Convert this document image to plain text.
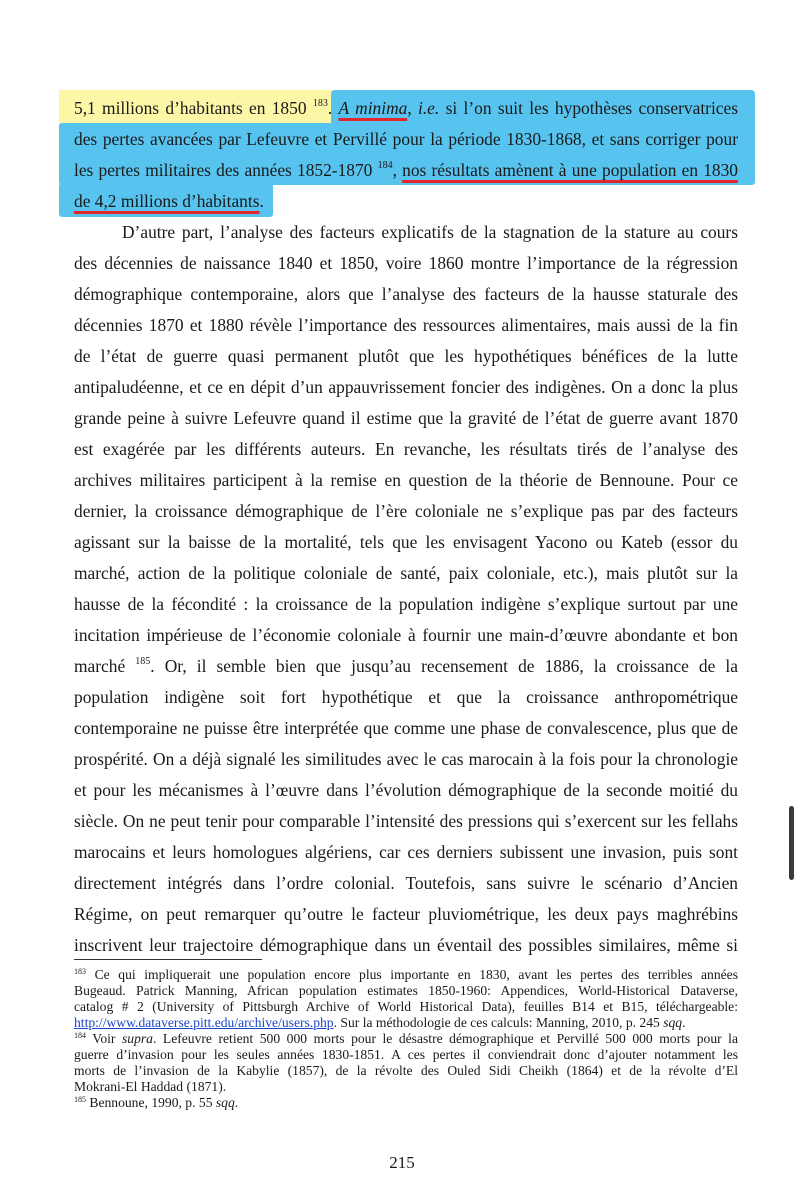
5,1 millions d’habitants en 1850 $^{183}$. A minima, i.e. si l’on suit les hypothèses conservatrices
des pertes avancées par Lefeuvre et Pervillé pour la période 1830-1868, et sans corriger pour
les pertes militaires des années 1852-1870 $^{184}$, nos résultats amènent à une population en 1830
de 4,2 millions d’habitants.
D’autre part, l’analyse des facteurs explicatifs de la stagnation de la stature au cours
des décennies de naissance 1840 et 1850, voire 1860 montre l’importance de la régression
démographique contemporaine, alors que l’analyse des facteurs de la hausse staturale des
décennies 1870 et 1880 révèle l’importance des ressources alimentaires, mais aussi de la fin
de l’état de guerre quasi permanent plutôt que les hypothétiques bénéfices de la lutte
antipaludéenne, et ce en dépit d’un appauvrissement foncier des indigènes. On a donc la plus
grande peine à suivre Lefeuvre quand il estime que la gravité de l’état de guerre avant 1870
est exagérée par les différents auteurs. En revanche, les résultats tirés de l’analyse des
archives militaires participent à la remise en question de la théorie de Bennoune. Pour ce
dernier, la croissance démographique de l’ère coloniale ne s’explique pas par des facteurs
agissant sur la baisse de la mortalité, tels que les envisagent Yacono ou Kateb (essor du
marché, action de la politique coloniale de santé, paix coloniale, etc.), mais plutôt sur la
hausse de la fécondité : la croissance de la population indigène s’explique surtout par une
incitation impérieuse de l’économie coloniale à fournir une main-d’œuvre abondante et bon
marché $^{185}$. Or, il semble bien que jusqu’au recensement de 1886, la croissance de la
population indigène soit fort hypothétique et que la croissance anthropométrique
contemporaine ne puisse être interprétée que comme une phase de convalescence, plus que de
prospérité. On a déjà signalé les similitudes avec le cas marocain à la fois pour la chronologie
et pour les mécanismes à l’œuvre dans l’évolution démographique de la seconde moitié du
siècle. On ne peut tenir pour comparable l’intensité des pressions qui s’exercent sur les fellahs
marocains et leurs homologues algériens, car ces derniers subissent une invasion, puis sont
directement intégrés dans l’ordre colonial. Toutefois, sans suivre le scénario d’Ancien
Régime, on peut remarquer qu’outre le facteur pluviométrique, les deux pays maghrébins
inscrivent leur trajectoire démographique dans un éventail des possibles similaires, même si
$^{183}$ Ce qui impliquerait une population encore plus importante en 1830, avant les pertes des terribles années
Bugeaud. Patrick Manning, African population estimates 1850-1960: Appendices, World-Historical Dataverse,
catalog # 2 (University of Pittsburgh Archive of World Historical Data), feuilles B14 et B15, téléchargeable:
http://www.dataverse.pitt.edu/archive/users.php. Sur la méthodologie de ces calculs: Manning, 2010, p. 245 sqq.
$^{184}$ Voir supra. Lefeuvre retient 500 000 morts pour le désastre démographique et Pervillé 500 000 morts pour la
guerre d’invasion pour les seules années 1830-1851. A ces pertes il conviendrait donc d’ajouter notamment les
morts de l’invasion de la Kabylie (1857), de la révolte des Ouled Sidi Cheikh (1864) et de la révolte d’El
Mokrani-El Haddad (1871).
$^{185}$ Bennoune, 1990, p. 55 sqq.
215
